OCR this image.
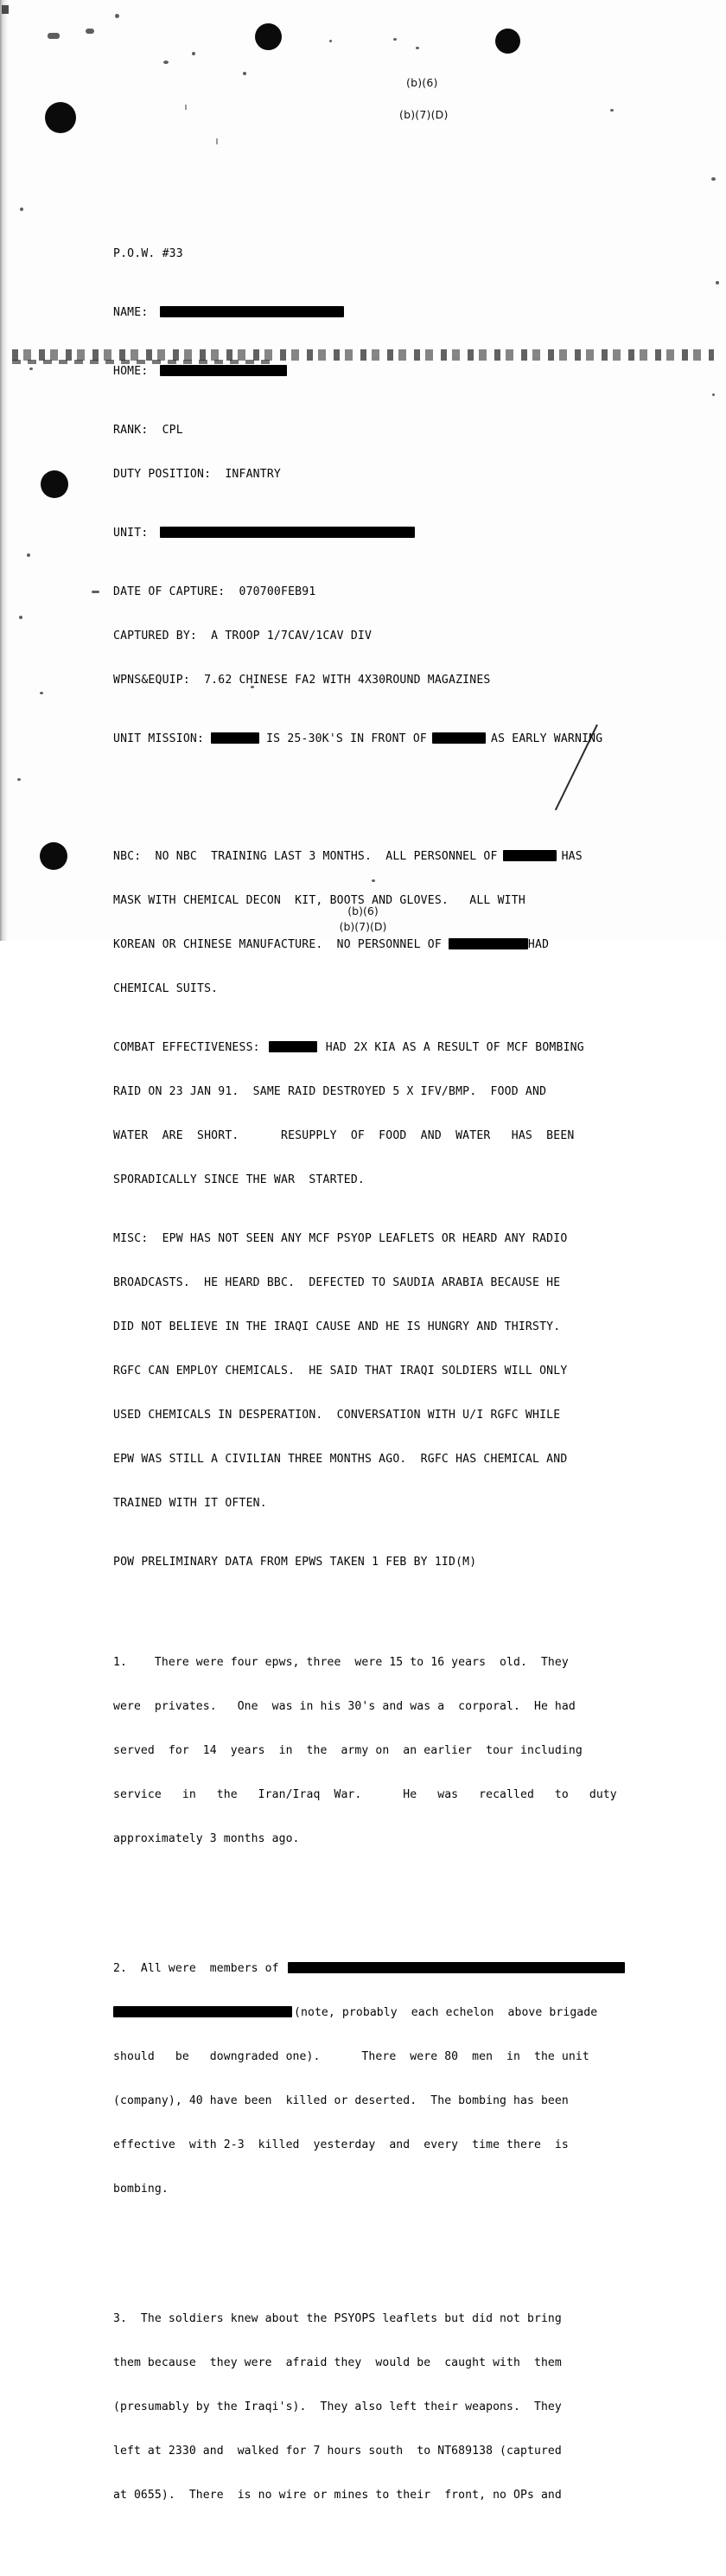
(b)(6)
(b)(7)(D)

P.O.W. #33

NAME:

HOME:

RANK:  CPL

DUTY POSITION:  INFANTRY

UNIT:

DATE OF CAPTURE:  070700FEB91

CAPTURED BY:  A TROOP 1/7CAV/1CAV DIV

WPNS&EQUIP:  7.62 CHINESE FA2 WITH 4X30ROUND MAGAZINES

UNIT MISSION:	IS 25-30K'S IN FRONT OF	AS EARLY WARNING

NBC:  NO NBC  TRAINING LAST 3 MONTHS.  ALL PERSONNEL OF	HAS

MASK WITH CHEMICAL DECON  KIT, BOOTS AND GLOVES.   ALL WITH

KOREAN OR CHINESE MANUFACTURE.  NO PERSONNEL OF	HAD

CHEMICAL SUITS.

COMBAT EFFECTIVENESS:	HAD 2X KIA AS A RESULT OF MCF BOMBING

RAID ON 23 JAN 91.  SAME RAID DESTROYED 5 X IFV/BMP.  FOOD AND

WATER  ARE  SHORT.      RESUPPLY  OF  FOOD  AND  WATER   HAS  BEEN

SPORADICALLY SINCE THE WAR  STARTED.

MISC:  EPW HAS NOT SEEN ANY MCF PSYOP LEAFLETS OR HEARD ANY RADIO

BROADCASTS.  HE HEARD BBC.  DEFECTED TO SAUDIA ARABIA BECAUSE HE

DID NOT BELIEVE IN THE IRAQI CAUSE AND HE IS HUNGRY AND THIRSTY.

RGFC CAN EMPLOY CHEMICALS.  HE SAID THAT IRAQI SOLDIERS WILL ONLY

USED CHEMICALS IN DESPERATION.  CONVERSATION WITH U/I RGFC WHILE

EPW WAS STILL A CIVILIAN THREE MONTHS AGO.  RGFC HAS CHEMICAL AND

TRAINED WITH IT OFTEN.

POW PRELIMINARY DATA FROM EPWS TAKEN 1 FEB BY 1ID(M)

1.    There were four epws, three  were 15 to 16 years  old.  They

were  privates.   One  was in his 30's and was a  corporal.  He had

served  for  14  years  in  the  army on  an earlier  tour including

service   in   the   Iran/Iraq  War.      He   was   recalled   to   duty

approximately 3 months ago.

2.  All were  members of

(note, probably  each echelon  above brigade

should   be   downgraded one).      There  were 80  men  in  the unit

(company), 40 have been  killed or deserted.  The bombing has been

effective  with 2-3  killed  yesterday  and  every  time there  is

bombing.

3.  The soldiers knew about the PSYOPS leaflets but did not bring

them because  they were  afraid they  would be  caught with  them

(presumably by the Iraqi's).  They also left their weapons.  They

left at 2330 and  walked for 7 hours south  to NT689138 (captured

at 0655).  There  is no wire or mines to their  front, no OPs and

(b)(6)
(b)(7)(D)
